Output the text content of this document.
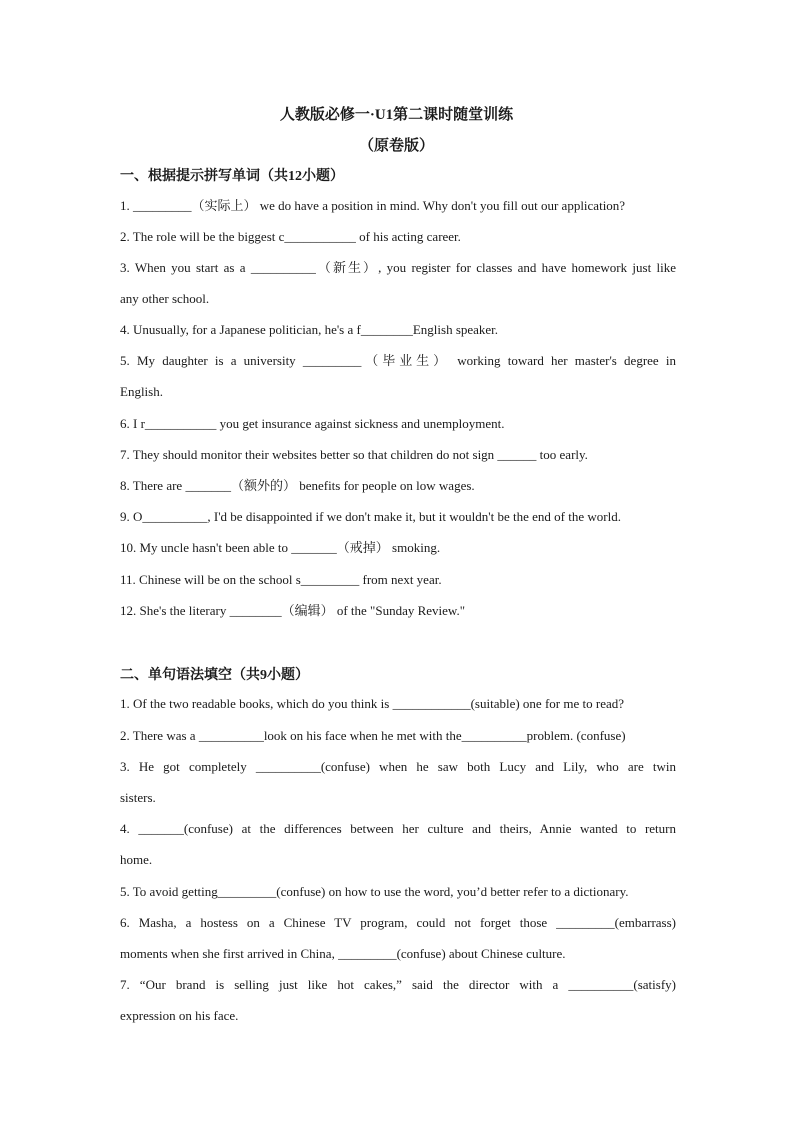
人教版必修一·U1第二课时随堂训练
（原卷版）
一、根据提示拼写单词（共12小题）
1. _________（实际上） we do have a position in mind. Why don't you fill out our application?
2. The role will be the biggest c___________ of his acting career.
3. When you start as a __________（新生）, you register for classes and have homework just like
any other school.
4. Unusually, for a Japanese politician, he's a f________English speaker.
5. My daughter is a university _________（毕业生） working toward her master's degree in
English.
6. I r___________ you get insurance against sickness and unemployment.
7. They should monitor their websites better so that children do not sign ______ too early.
8. There are _______（额外的） benefits for people on low wages.
9. O__________, I'd be disappointed if we don't make it, but it wouldn't be the end of the world.
10. My uncle hasn't been able to _______（戒掉） smoking.
11. Chinese will be on the school s_________ from next year.
12. She's the literary ________（编辑） of the "Sunday Review."
二、单句语法填空（共9小题）
1. Of the two readable books, which do you think is ____________(suitable) one for me to read?
2. There was a __________look on his face when he met with the__________problem. (confuse)
3. He got completely __________(confuse) when he saw both Lucy and Lily, who are twin
sisters.
4. _______(confuse) at the differences between her culture and theirs, Annie wanted to return
home.
5. To avoid getting_________(confuse) on how to use the word, you’d better refer to a dictionary.
6. Masha, a hostess on a Chinese TV program, could not forget those _________(embarrass)
moments when she first arrived in China, _________(confuse) about Chinese culture.
7. “Our brand is selling just like hot cakes,” said the director with a __________(satisfy)
expression on his face.
